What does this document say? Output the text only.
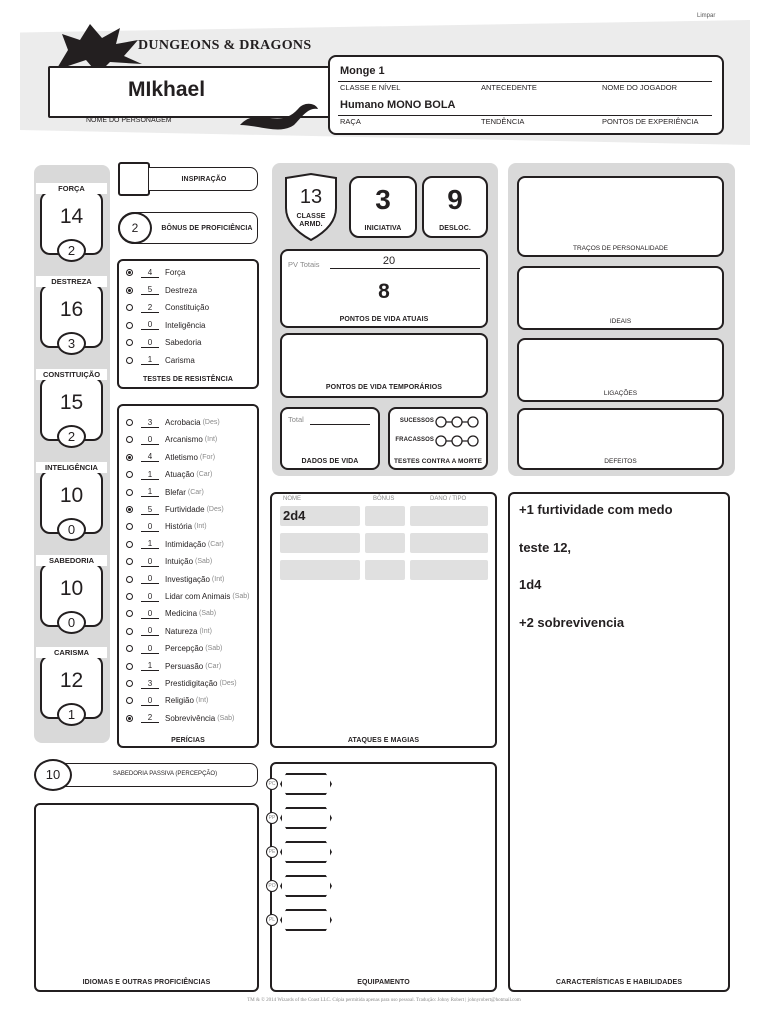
Limpar
DUNGEONS & DRAGONS
MIkhael
NOME DO PERSONAGEM
Monge 1
CLASSE E NÍVEL	ANTECEDENTE	NOME DO JOGADOR
Humano MONO BOLA
RAÇA	TENDÊNCIA	PONTOS DE EXPERIÊNCIA
FORÇA
14
2
DESTREZA
16
3
CONSTITUIÇÃO
15
2
INTELIGÊNCIA
10
0
SABEDORIA
10
0
CARISMA
12
1
INSPIRAÇÃO
2	BÔNUS DE PROFICIÊNCIA
4	Força
5	Destreza
2	Constituição
0	Inteligência
0	Sabedoria
1	Carisma
TESTES DE RESISTÊNCIA
3	Acrobacia (Des)
0	Arcanismo (Int)
4	Atletismo (For)
1	Atuação (Car)
1	Blefar (Car)
5	Furtividade (Des)
0	História (Int)
1	Intimidação (Car)
0	Intuição (Sab)
0	Investigação (Int)
0	Lidar com Animais (Sab)
0	Medicina (Sab)
0	Natureza (Int)
0	Percepção (Sab)
1	Persuasão (Car)
3	Prestidigitação (Des)
0	Religião (Int)
2	Sobrevivência (Sab)
PERÍCIAS
13
CLASSE
ARMD.
3
INICIATIVA
9
DESLOC.
PV Totais	20
8
PONTOS DE VIDA ATUAIS
PONTOS DE VIDA TEMPORÁRIOS
Total
DADOS DE VIDA
SUCESSOS
FRACASSOS
TESTES CONTRA A MORTE
TRAÇOS DE PERSONALIDADE
IDEAIS
LIGAÇÕES
DEFEITOS
NOME	BÔNUS	DANO / TIPO
2d4
ATAQUES E MAGIAS
+1 furtividade com medo
teste 12,
1d4
+2 sobrevivencia
CARACTERÍSTICAS E HABILIDADES
10	SABEDORIA PASSIVA (PERCEPÇÃO)
IDIOMAS E OUTRAS PROFICIÊNCIAS
PC
PP
PE
PO
PL
EQUIPAMENTO
TM & © 2014 Wizards of the Coast LLC. Cópia permitida apenas para uso pessoal. Tradução: Johny Robert | johnyrobert@hotmail.com
